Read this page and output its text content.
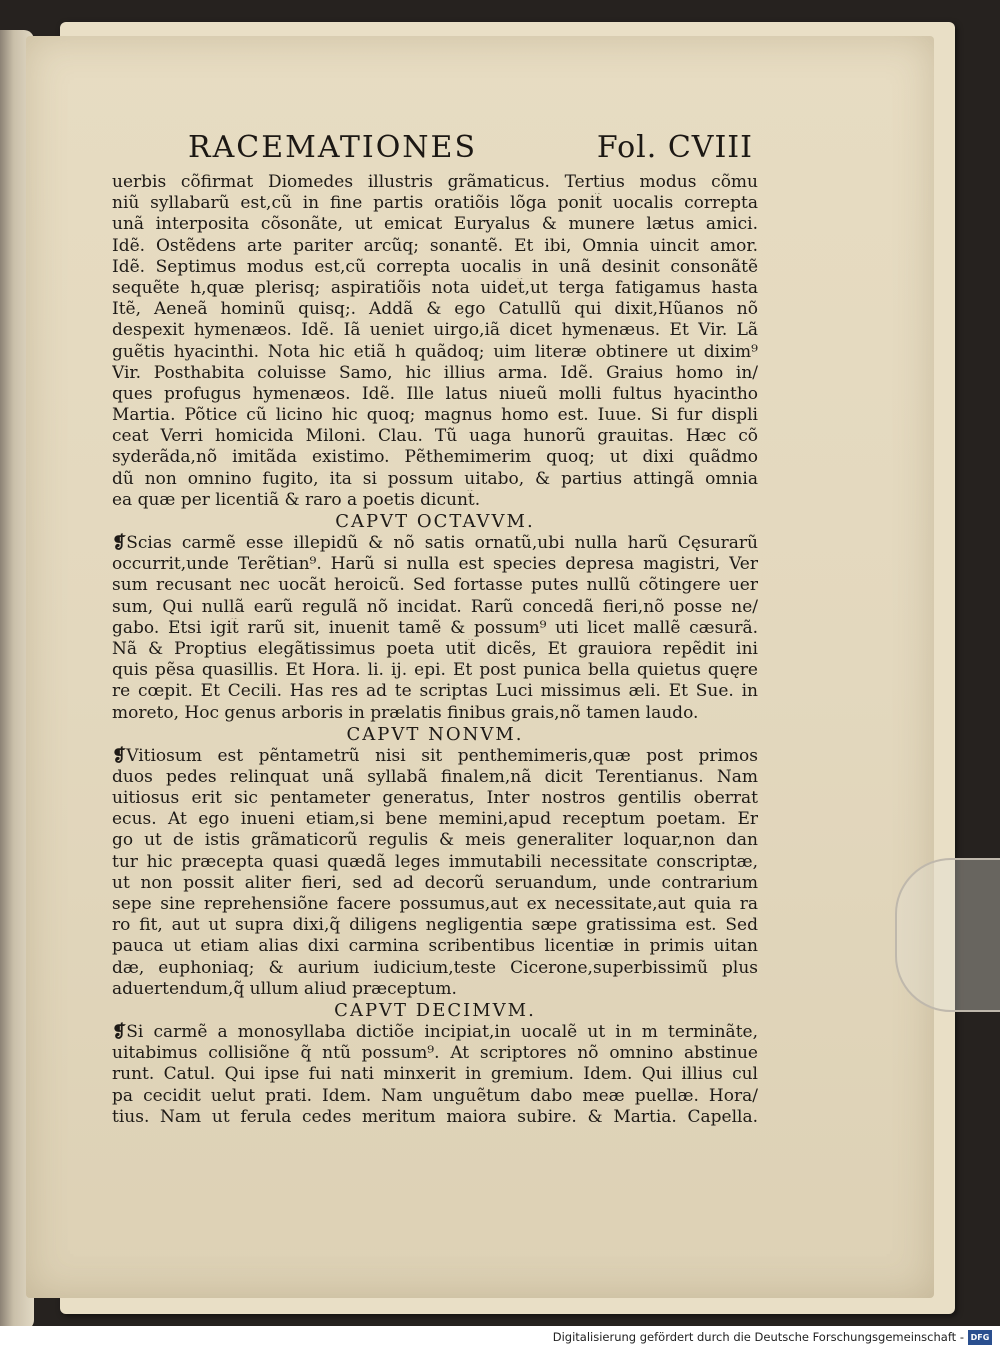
RACEMATIONES	Fol. CVIII
uerbis cõfirmat Diomedes illustris grãmaticus. Tertius modus cõmu
niũ syllabarũ est,cũ in fine partis oratiõis lõga ponit̃ uocalis correpta
unã interposita cõsonãte, ut emicat Euryalus & munere lætus amici.
Idẽ. Ostẽdens arte pariter arcũq; sonantẽ. Et ibi, Omnia uincit amor.
Idẽ. Septimus modus est,cũ correpta uocalis in unã desinit consonãtẽ
sequẽte h,quæ plerisq; aspiratiõis nota uidet̃,ut terga fatigamus hasta
Itẽ, Aeneã hominũ quisq;. Addã & ego Catullũ qui dixit,Hũanos nõ
despexit hymenæos. Idẽ. Iã ueniet uirgo,iã dicet hymenæus. Et Vir. Lã
guẽtis hyacinthi. Nota hic etiã h quãdoq; uim literæ obtinere ut dixim⁹
Vir. Posthabita coluisse Samo, hic illius arma. Idẽ. Graius homo in/
ques profugus hymenæos. Idẽ. Ille latus niueũ molli fultus hyacintho
Martia. Põtice cũ licino hic quoq; magnus homo est. Iuue. Si fur displi
ceat Verri homicida Miloni. Clau. Tũ uaga hunorũ grauitas. Hæc cõ
syderãda,nõ imitãda existimo. Pẽthemimerim quoq; ut dixi quãdmo
dũ non omnino fugito, ita si possum uitabo, & partius attingã omnia
ea quæ per licentiã & raro a poetis dicunt̃.
CAPVT OCTAVVM.
❡Scias carmẽ esse illepidũ & nõ satis ornatũ,ubi nulla harũ Cęsurarũ
occurrit,unde Terẽtian⁹. Harũ si nulla est species depresa magistri, Ver
sum recusant nec uocãt heroicũ. Sed fortasse putes nullũ cõtingere uer
sum, Qui nullã earũ regulã nõ incidat. Rarũ concedã fieri,nõ posse ne/
gabo. Etsi igit̃ rarũ sit, inuenit tamẽ & possum⁹ uti licet mallẽ cæsurã.
Nã & Proptius elegãtissimus poeta utit̃ dicẽs, Et grauiora repẽdit ini
quis pẽsa quasillis. Et Hora. li. ij. epi. Et post punica bella quietus quęre
re cœpit. Et Cecili. Has res ad te scriptas Luci missimus æli. Et Sue. in
moreto, Hoc genus arboris in prælatis finibus grais,nõ tamen laudo.
CAPVT NONVM.
❡Vitiosum est pẽntametrũ nisi sit penthemimeris,quæ post primos
duos pedes relinquat unã syllabã finalem,nã dicit Terentianus. Nam
uitiosus erit sic pentameter generatus, Inter nostros gentilis oberrat
ecus. At ego inueni etiam,si bene memini,apud receptum poetam. Er
go ut de istis grãmaticorũ regulis & meis generaliter loquar,non dan
tur hic præcepta quasi quædã leges immutabili necessitate conscriptæ,
ut non possit aliter fieri, sed ad decorũ seruandum, unde contrarium
sepe sine reprehensiõne facere possumus,aut ex necessitate,aut quia ra
ro fit, aut ut supra dixi,q̃ diligens negligentia sæpe gratissima est. Sed
pauca ut etiam alias dixi carmina scribentibus licentiæ in primis uitan
dæ, euphoniaq; & aurium iudicium,teste Cicerone,superbissimũ plus
aduertendum,q̃ ullum aliud præceptum.
CAPVT DECIMVM.
❡Si carmẽ a monosyllaba dictiõe incipiat,in uocalẽ ut in m terminãte,
uitabimus collisiõne q̃ ntũ possum⁹. At scriptores nõ omnino abstinue
runt. Catul. Qui ipse fui nati minxerit in gremium. Idem. Qui illius cul
pa cecidit uelut prati. Idem. Nam unguẽtum dabo meæ puellæ. Hora/
tius. Nam ut ferula cedes meritum maiora subire. & Martia. Capella.
Digitalisierung gefördert durch die Deutsche Forschungsgemeinschaft - DFG
